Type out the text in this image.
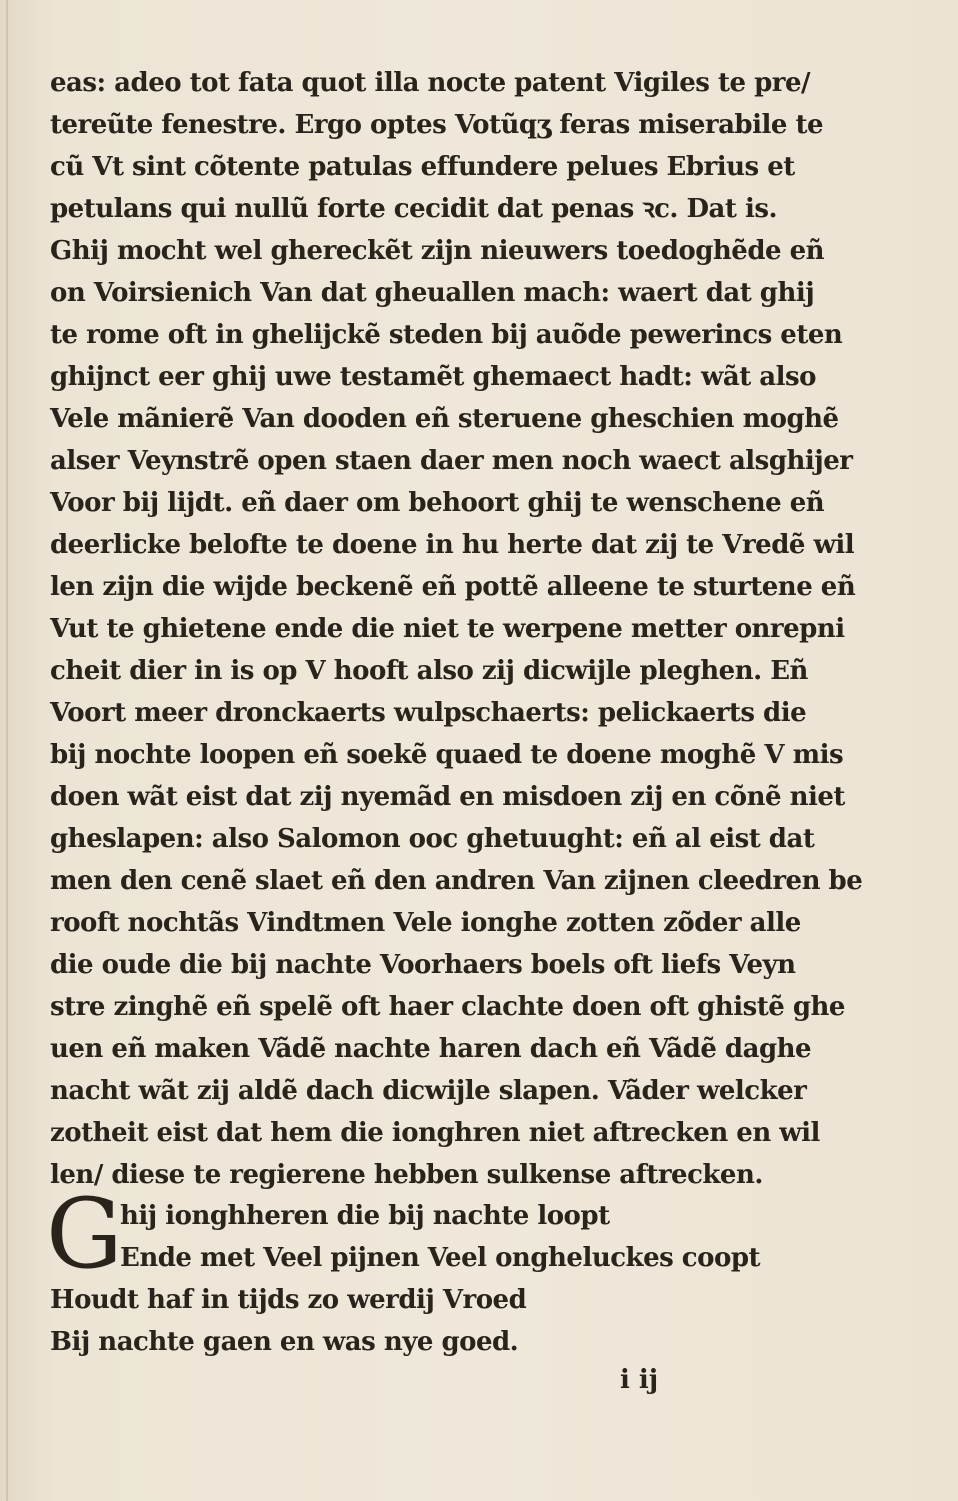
eas: adeo tot fata quot illa nocte patent Vigiles te pre/
tereũte fenestre. Ergo optes Votũqʒ feras miserabile te
cũ Vt sint cõtente patulas effundere pelues Ebrius et
petulans qui nullũ forte cecidit dat penas ꝛc. Dat is.
Ghij mocht wel ghereckẽt zijn nieuwers toedoghẽde eñ
on Voirsienich Van dat gheuallen mach: waert dat ghij
te rome oft in ghelijckẽ steden bij auõde pewerincs eten
ghijnct eer ghij uwe testamẽt ghemaect hadt: wãt also
Vele mãnierẽ Van dooden eñ steruene gheschien moghẽ
alser Veynstrẽ open staen daer men noch waect alsghijer
Voor bij lijdt. eñ daer om behoort ghij te wenschene eñ
deerlicke belofte te doene in hu herte dat zij te Vredẽ wil
len zijn die wijde beckenẽ eñ pottẽ alleene te sturtene eñ
Vut te ghietene ende die niet te werpene metter onrepni
cheit dier in is op V hooft also zij dicwijle pleghen. Eñ
Voort meer dronckaerts wulpschaerts: pelickaerts die
bij nochte loopen eñ soekẽ quaed te doene moghẽ V mis
doen wãt eist dat zij nyemãd en misdoen zij en cõnẽ niet
gheslapen: also Salomon ooc ghetuught: eñ al eist dat
men den cenẽ slaet eñ den andren Van zijnen cleedren be
rooft nochtãs Vindtmen Vele ionghe zotten zõder alle
die oude die bij nachte Voorhaers boels oft liefs Veyn
stre zinghẽ eñ spelẽ oft haer clachte doen oft ghistẽ ghe
uen eñ maken Vãdẽ nachte haren dach eñ Vãdẽ daghe
nacht wãt zij aldẽ dach dicwijle slapen. Vãder welcker
zotheit eist dat hem die ionghren niet aftrecken en wil
len/ diese te regierene hebben sulkense aftrecken.
G
hij ionghheren die bij nachte loopt
Ende met Veel pijnen Veel ongheluckes coopt
Houdt haf in tijds zo werdij Vroed
Bij nachte gaen en was nye goed.
i ij
